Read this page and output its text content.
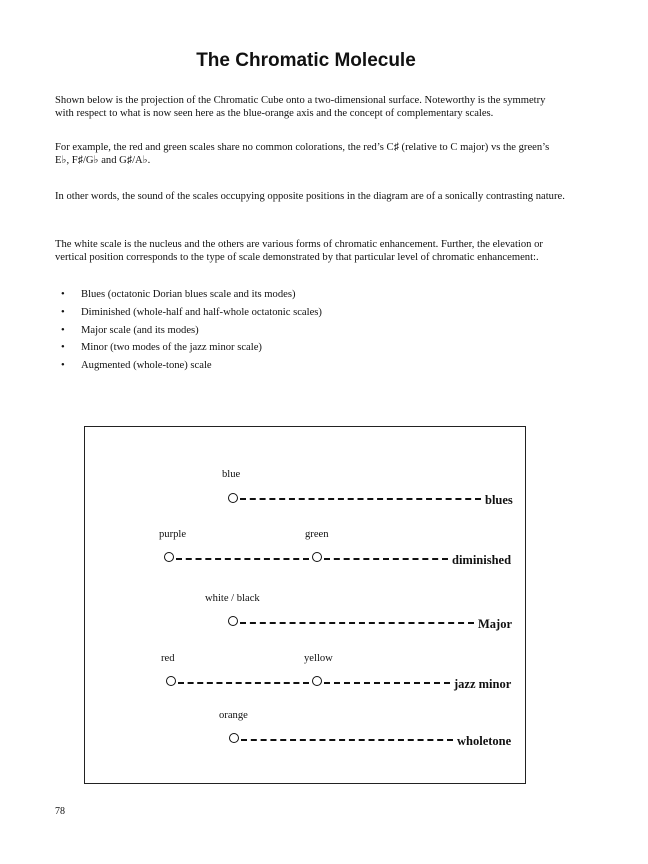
The Chromatic Molecule

Shown below is the projection of the Chromatic Cube onto a two-dimensional surface. Noteworthy is the symmetry with respect to what is now seen here as the blue-orange axis and the concept of complementary scales.

For example, the red and green scales share no common colorations, the red’s C♯ (relative to C major) vs the green’s E♭, F♯/G♭ and G♯/A♭.

In other words, the sound of the scales occupying opposite positions in the diagram are of a sonically contrasting nature.

The white scale is the nucleus and the others are various forms of chromatic enhancement. Further, the elevation or vertical position corresponds to the type of scale demonstrated by that particular level of chromatic enhancement:.

• Blues (octatonic Dorian blues scale and its modes)
• Diminished (whole-half and half-whole octatonic scales)
• Major scale (and its modes)
• Minor (two modes of the jazz minor scale)
• Augmented (whole-tone) scale
blue
blues
purple	green
diminished
white / black
Major
red	yellow
jazz minor
orange
wholetone
78
